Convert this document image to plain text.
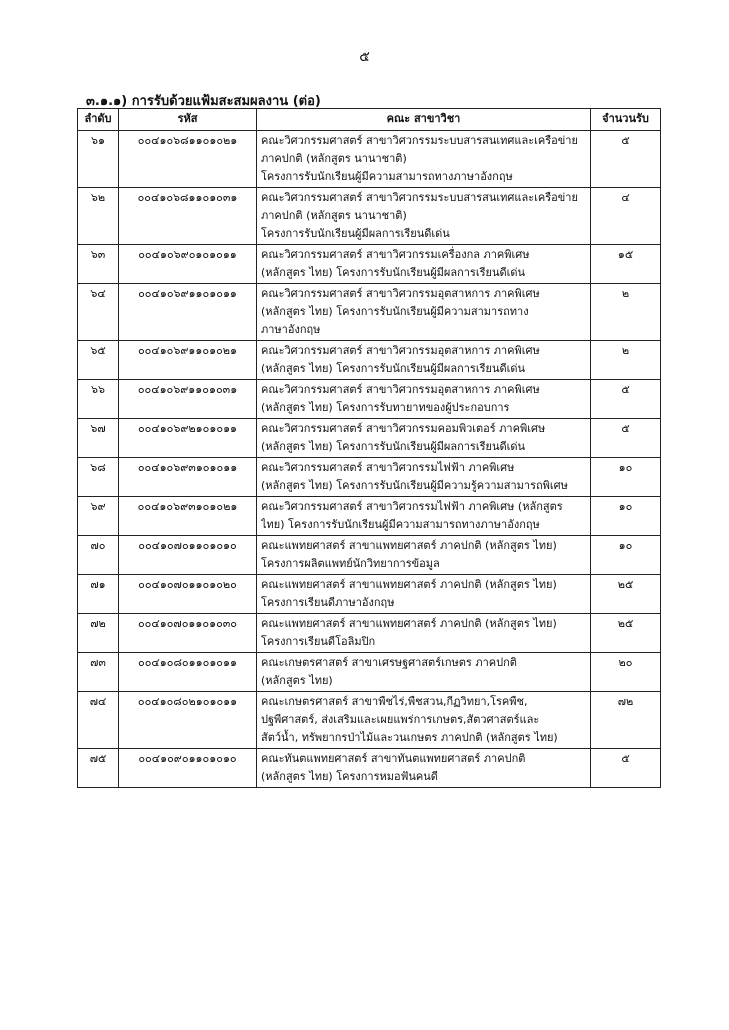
๕
๓.๑.๑) การรับด้วยแฟ้มสะสมผลงาน (ต่อ)
ลำดับ	รหัส	คณะ สาขาวิชา	จำนวนรับ
๖๑	๐๐๔๑๐๖๘๑๑๐๑๐๒๑	คณะวิศวกรรมศาสตร์ สาขาวิศวกรรมระบบสารสนเทศและเครือข่าย
ภาคปกติ (หลักสูตร นานาชาติ)
โครงการรับนักเรียนผู้มีความสามารถทางภาษาอังกฤษ	๕
๖๒	๐๐๔๑๐๖๘๑๑๐๑๐๓๑	คณะวิศวกรรมศาสตร์ สาขาวิศวกรรมระบบสารสนเทศและเครือข่าย
ภาคปกติ (หลักสูตร นานาชาติ)
โครงการรับนักเรียนผู้มีผลการเรียนดีเด่น	๔
๖๓	๐๐๔๑๐๖๙๐๑๐๑๐๑๑	คณะวิศวกรรมศาสตร์ สาขาวิศวกรรมเครื่องกล ภาคพิเศษ
(หลักสูตร ไทย) โครงการรับนักเรียนผู้มีผลการเรียนดีเด่น	๑๕
๖๔	๐๐๔๑๐๖๙๑๑๐๑๐๑๑	คณะวิศวกรรมศาสตร์ สาขาวิศวกรรมอุตสาหการ ภาคพิเศษ
(หลักสูตร ไทย) โครงการรับนักเรียนผู้มีความสามารถทาง
ภาษาอังกฤษ	๒
๖๕	๐๐๔๑๐๖๙๑๑๐๑๐๒๑	คณะวิศวกรรมศาสตร์ สาขาวิศวกรรมอุตสาหการ ภาคพิเศษ
(หลักสูตร ไทย) โครงการรับนักเรียนผู้มีผลการเรียนดีเด่น	๒
๖๖	๐๐๔๑๐๖๙๑๑๐๑๐๓๑	คณะวิศวกรรมศาสตร์ สาขาวิศวกรรมอุตสาหการ ภาคพิเศษ
(หลักสูตร ไทย) โครงการรับทายาทของผู้ประกอบการ	๕
๖๗	๐๐๔๑๐๖๙๒๑๐๑๐๑๑	คณะวิศวกรรมศาสตร์ สาขาวิศวกรรมคอมพิวเตอร์ ภาคพิเศษ
(หลักสูตร ไทย) โครงการรับนักเรียนผู้มีผลการเรียนดีเด่น	๕
๖๘	๐๐๔๑๐๖๙๓๑๐๑๐๑๑	คณะวิศวกรรมศาสตร์ สาขาวิศวกรรมไฟฟ้า ภาคพิเศษ
(หลักสูตร ไทย) โครงการรับนักเรียนผู้มีความรู้ความสามารถพิเศษ	๑๐
๖๙	๐๐๔๑๐๖๙๓๑๐๑๐๒๑	คณะวิศวกรรมศาสตร์ สาขาวิศวกรรมไฟฟ้า ภาคพิเศษ (หลักสูตร
ไทย) โครงการรับนักเรียนผู้มีความสามารถทางภาษาอังกฤษ	๑๐
๗๐	๐๐๔๑๐๗๐๑๑๐๑๐๑๐	คณะแพทยศาสตร์ สาขาแพทยศาสตร์ ภาคปกติ (หลักสูตร ไทย)
โครงการผลิตแพทย์นักวิทยาการข้อมูล	๑๐
๗๑	๐๐๔๑๐๗๐๑๑๐๑๐๒๐	คณะแพทยศาสตร์ สาขาแพทยศาสตร์ ภาคปกติ (หลักสูตร ไทย)
โครงการเรียนดีภาษาอังกฤษ	๒๕
๗๒	๐๐๔๑๐๗๐๑๑๐๑๐๓๐	คณะแพทยศาสตร์ สาขาแพทยศาสตร์ ภาคปกติ (หลักสูตร ไทย)
โครงการเรียนดีโอลิมปิก	๒๕
๗๓	๐๐๔๑๐๘๐๑๑๐๑๐๑๑	คณะเกษตรศาสตร์ สาขาเศรษฐศาสตร์เกษตร ภาคปกติ
(หลักสูตร ไทย)	๒๐
๗๔	๐๐๔๑๐๘๐๒๑๐๑๐๑๑	คณะเกษตรศาสตร์ สาขาพืชไร่,พืชสวน,กีฏวิทยา,โรคพืช,
ปฐพีศาสตร์, ส่งเสริมและเผยแพร่การเกษตร,สัตวศาสตร์และ
สัตว์น้ำ, ทรัพยากรป่าไม้และวนเกษตร ภาคปกติ (หลักสูตร ไทย)	๗๒
๗๕	๐๐๔๑๐๙๐๑๑๐๑๐๑๐	คณะทันตแพทยศาสตร์ สาขาทันตแพทยศาสตร์ ภาคปกติ
(หลักสูตร ไทย) โครงการหมอฟันคนดี	๕
